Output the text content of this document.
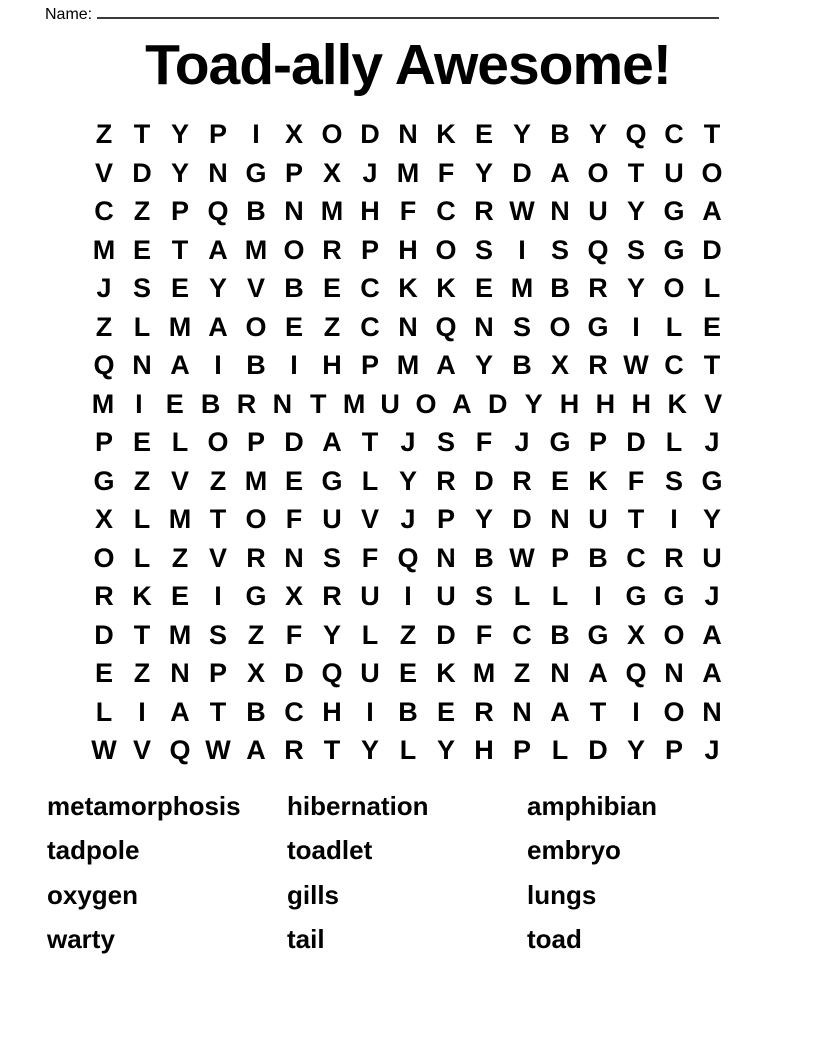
Name:
Toad-ally Awesome!
Z T Y P I X O D N K E Y B Y Q C T
V D Y N G P X J M F Y D A O T U O
C Z P Q B N M H F C R W N U Y G A
M E T A M O R P H O S I S Q S G D
J S E Y V B E C K K E M B R Y O L
Z L M A O E Z C N Q N S O G I L E
Q N A I B I H P M A Y B X R W C T
M I E B R N T M U O A D Y H H H K V
P E L O P D A T J S F J G P D L J
G Z V Z M E G L Y R D R E K F S G
X L M T O F U V J P Y D N U T I Y
O L Z V R N S F Q N B W P B C R U
R K E I G X R U I U S L L I G G J
D T M S Z F Y L Z D F C B G X O A
E Z N P X D Q U E K M Z N A Q N A
L I A T B C H I B E R N A T I O N
W V Q W A R T Y L Y H P L D Y P J
metamorphosis	hibernation	amphibian
tadpole	toadlet	embryo
oxygen	gills	lungs
warty	tail	toad
